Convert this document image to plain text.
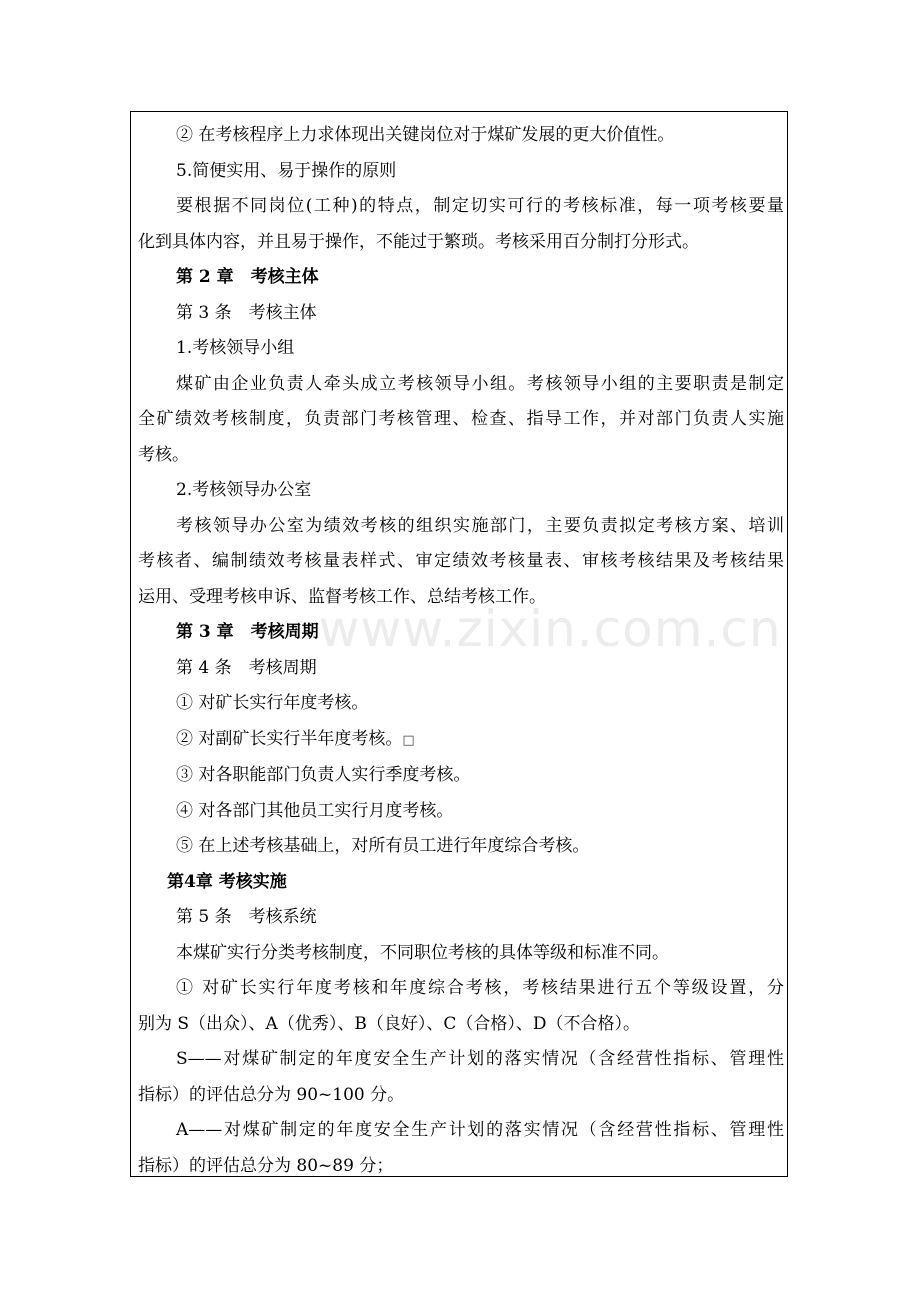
www.zixin.com.cn

② 在考核程序上力求体现出关键岗位对于煤矿发展的更大价值性。

5.简便实用、易于操作的原则

要根据不同岗位(工种)的特点，制定切实可行的考核标准，每一项考核要量

化到具体内容，并且易于操作，不能过于繁琐。考核采用百分制打分形式。

第 2 章　考核主体

第 3 条　考核主体

1.考核领导小组

煤矿由企业负责人牵头成立考核领导小组。考核领导小组的主要职责是制定

全矿绩效考核制度，负责部门考核管理、检查、指导工作，并对部门负责人实施

考核。

2.考核领导办公室

考核领导办公室为绩效考核的组织实施部门，主要负责拟定考核方案、培训

考核者、编制绩效考核量表样式、审定绩效考核量表、审核考核结果及考核结果

运用、受理考核申诉、监督考核工作、总结考核工作。

第 3 章　考核周期

第 4 条　考核周期

① 对矿长实行年度考核。

② 对副矿长实行半年度考核。□

③ 对各职能部门负责人实行季度考核。

④ 对各部门其他员工实行月度考核。

⑤ 在上述考核基础上，对所有员工进行年度综合考核。

第4章 考核实施

第 5 条　考核系统

本煤矿实行分类考核制度，不同职位考核的具体等级和标准不同。

① 对矿长实行年度考核和年度综合考核，考核结果进行五个等级设置，分

别为 S（出众）、A（优秀）、B（良好）、C（合格）、D（不合格）。

S——对煤矿制定的年度安全生产计划的落实情况（含经营性指标、管理性

指标）的评估总分为 90~100 分。

A——对煤矿制定的年度安全生产计划的落实情况（含经营性指标、管理性

指标）的评估总分为 80~89 分；
